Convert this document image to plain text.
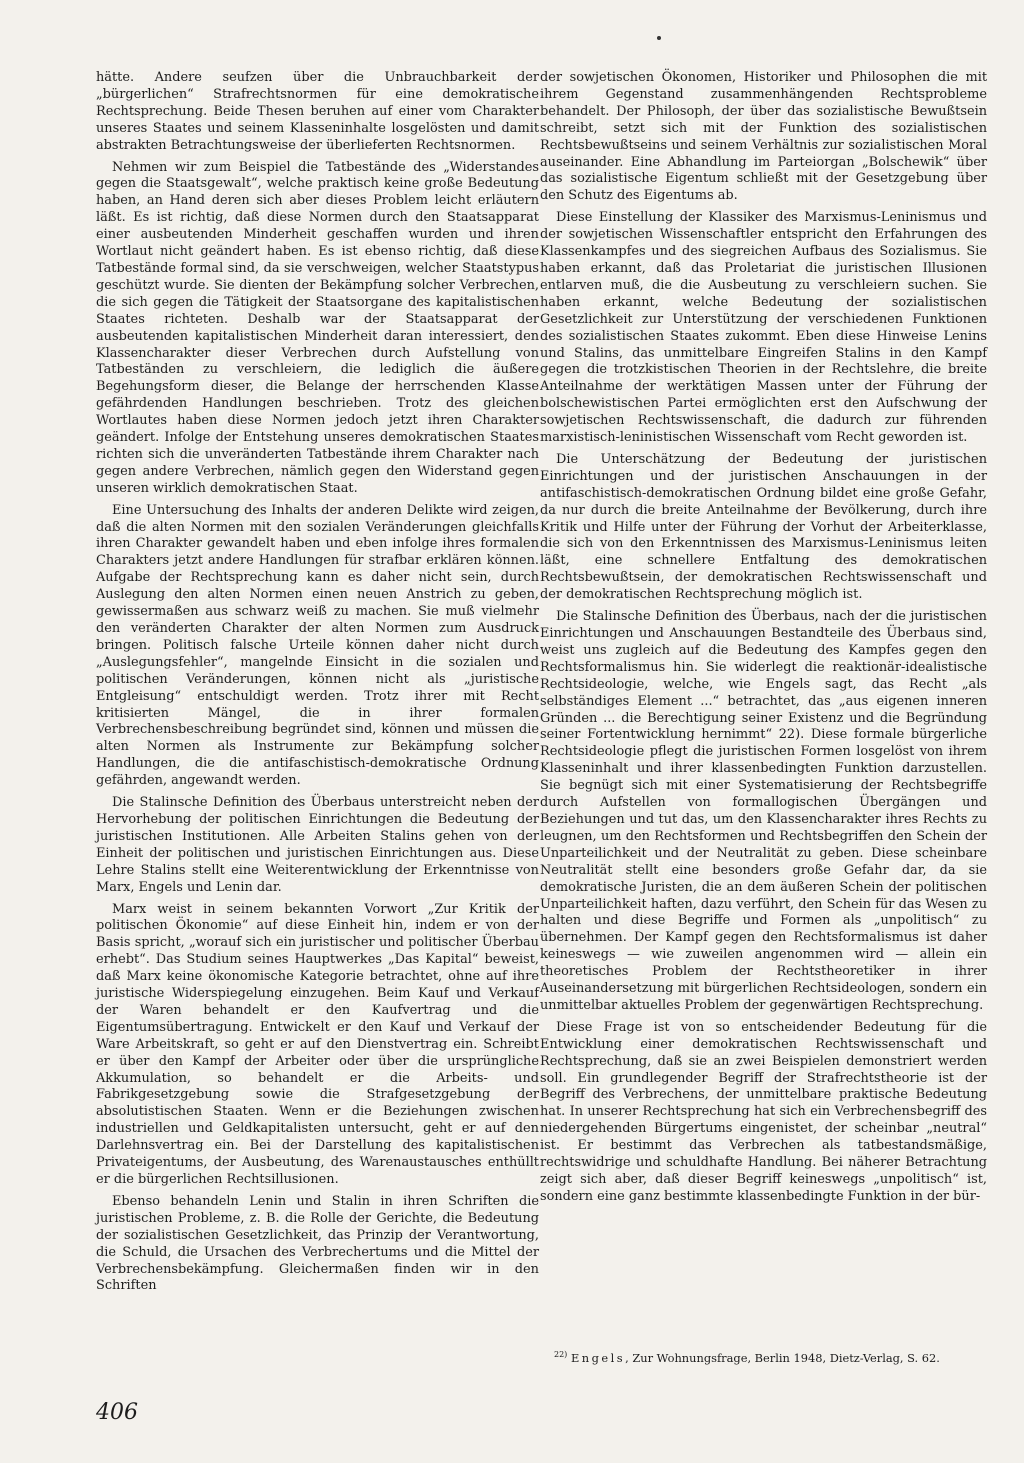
hätte. Andere seufzen über die Unbrauchbarkeit der „bürgerlichen“ Strafrechtsnormen für eine demokratische Rechtsprechung. Beide Thesen beruhen auf einer vom Charakter unseres Staates und seinem Klasseninhalte losgelösten und damit abstrakten Betrachtungsweise der überlieferten Rechtsnormen.

Nehmen wir zum Beispiel die Tatbestände des „Widerstandes gegen die Staatsgewalt“, welche praktisch keine große Bedeutung haben, an Hand deren sich aber dieses Problem leicht erläutern läßt. Es ist richtig, daß diese Normen durch den Staatsapparat einer ausbeutenden Minderheit geschaffen wurden und ihren Wortlaut nicht geändert haben. Es ist ebenso richtig, daß diese Tatbestände formal sind, da sie verschweigen, welcher Staatstypus geschützt wurde. Sie dienten der Bekämpfung solcher Verbrechen, die sich gegen die Tätigkeit der Staatsorgane des kapitalistischen Staates richteten. Deshalb war der Staatsapparat der ausbeutenden kapitalistischen Minderheit daran interessiert, den Klassencharakter dieser Verbrechen durch Aufstellung von Tatbeständen zu verschleiern, die lediglich die äußere Begehungsform dieser, die Belange der herrschenden Klasse gefährdenden Handlungen beschrieben. Trotz des gleichen Wortlautes haben diese Normen jedoch jetzt ihren Charakter geändert. Infolge der Entstehung unseres demokratischen Staates richten sich die unveränderten Tatbestände ihrem Charakter nach gegen andere Verbrechen, nämlich gegen den Widerstand gegen unseren wirklich demokratischen Staat.

Eine Untersuchung des Inhalts der anderen Delikte wird zeigen, daß die alten Normen mit den sozialen Veränderungen gleichfalls ihren Charakter gewandelt haben und eben infolge ihres formalen Charakters jetzt andere Handlungen für strafbar erklären können. Aufgabe der Rechtsprechung kann es daher nicht sein, durch Auslegung den alten Normen einen neuen Anstrich zu geben, gewissermaßen aus schwarz weiß zu machen. Sie muß vielmehr den veränderten Charakter der alten Normen zum Ausdruck bringen. Politisch falsche Urteile können daher nicht durch „Auslegungsfehler“, mangelnde Einsicht in die sozialen und politischen Veränderungen, können nicht als „juristische Entgleisung“ entschuldigt werden. Trotz ihrer mit Recht kritisierten Mängel, die in ihrer formalen Verbrechensbeschreibung begründet sind, können und müssen die alten Normen als Instrumente zur Bekämpfung solcher Handlungen, die die antifaschistisch-demokratische Ordnung gefährden, angewandt werden.

Die Stalinsche Definition des Überbaus unterstreicht neben der Hervorhebung der politischen Einrichtungen die Bedeutung der juristischen Institutionen. Alle Arbeiten Stalins gehen von der Einheit der politischen und juristischen Einrichtungen aus. Diese Lehre Stalins stellt eine Weiterentwicklung der Erkenntnisse von Marx, Engels und Lenin dar.

Marx weist in seinem bekannten Vorwort „Zur Kritik der politischen Ökonomie“ auf diese Einheit hin, indem er von der Basis spricht, „worauf sich ein juristischer und politischer Überbau erhebt“. Das Studium seines Hauptwerkes „Das Kapital“ beweist, daß Marx keine ökonomische Kategorie betrachtet, ohne auf ihre juristische Widerspiegelung einzugehen. Beim Kauf und Verkauf der Waren behandelt er den Kaufvertrag und die Eigentumsübertragung. Entwickelt er den Kauf und Verkauf der Ware Arbeitskraft, so geht er auf den Dienstvertrag ein. Schreibt er über den Kampf der Arbeiter oder über die ursprüngliche Akkumulation, so behandelt er die Arbeits- und Fabrikgesetzgebung sowie die Strafgesetzgebung der absolutistischen Staaten. Wenn er die Beziehungen zwischen industriellen und Geldkapitalisten untersucht, geht er auf den Darlehnsvertrag ein. Bei der Darstellung des kapitalistischen Privateigentums, der Ausbeutung, des Warenaustausches enthüllt er die bürgerlichen Rechtsillusionen.

Ebenso behandeln Lenin und Stalin in ihren Schriften die juristischen Probleme, z. B. die Rolle der Gerichte, die Bedeutung der sozialistischen Gesetzlichkeit, das Prinzip der Verantwortung, die Schuld, die Ursachen des Verbrechertums und die Mittel der Verbrechensbekämpfung. Gleichermaßen finden wir in den Schriften

der sowjetischen Ökonomen, Historiker und Philosophen die mit ihrem Gegenstand zusammenhängenden Rechtsprobleme behandelt. Der Philosoph, der über das sozialistische Bewußtsein schreibt, setzt sich mit der Funktion des sozialistischen Rechtsbewußtseins und seinem Verhältnis zur sozialistischen Moral auseinander. Eine Abhandlung im Parteiorgan „Bolschewik“ über das sozialistische Eigentum schließt mit der Gesetzgebung über den Schutz des Eigentums ab.

Diese Einstellung der Klassiker des Marxismus-Leninismus und der sowjetischen Wissenschaftler entspricht den Erfahrungen des Klassenkampfes und des siegreichen Aufbaus des Sozialismus. Sie haben erkannt, daß das Proletariat die juristischen Illusionen entlarven muß, die die Ausbeutung zu verschleiern suchen. Sie haben erkannt, welche Bedeutung der sozialistischen Gesetzlichkeit zur Unterstützung der verschiedenen Funktionen des sozialistischen Staates zukommt. Eben diese Hinweise Lenins und Stalins, das unmittelbare Eingreifen Stalins in den Kampf gegen die trotzkistischen Theorien in der Rechtslehre, die breite Anteilnahme der werktätigen Massen unter der Führung der bolschewistischen Partei ermöglichten erst den Aufschwung der sowjetischen Rechtswissenschaft, die dadurch zur führenden marxistisch-leninistischen Wissenschaft vom Recht geworden ist.

Die Unterschätzung der Bedeutung der juristischen Einrichtungen und der juristischen Anschauungen in der antifaschistisch-demokratischen Ordnung bildet eine große Gefahr, da nur durch die breite Anteilnahme der Bevölkerung, durch ihre Kritik und Hilfe unter der Führung der Vorhut der Arbeiterklasse, die sich von den Erkenntnissen des Marxismus-Leninismus leiten läßt, eine schnellere Entfaltung des demokratischen Rechtsbewußtsein, der demokratischen Rechtswissenschaft und der demokratischen Rechtsprechung möglich ist.

Die Stalinsche Definition des Überbaus, nach der die juristischen Einrichtungen und Anschauungen Bestandteile des Überbaus sind, weist uns zugleich auf die Bedeutung des Kampfes gegen den Rechtsformalismus hin. Sie widerlegt die reaktionär-idealistische Rechtsideologie, welche, wie Engels sagt, das Recht „als selbständiges Element ...“ betrachtet, das „aus eigenen inneren Gründen ... die Berechtigung seiner Existenz und die Begründung seiner Fortentwicklung hernimmt“ 22). Diese formale bürgerliche Rechtsideologie pflegt die juristischen Formen losgelöst von ihrem Klasseninhalt und ihrer klassenbedingten Funktion darzustellen. Sie begnügt sich mit einer Systematisierung der Rechtsbegriffe durch Aufstellen von formallogischen Übergängen und Beziehungen und tut das, um den Klassencharakter ihres Rechts zu leugnen, um den Rechtsformen und Rechtsbegriffen den Schein der Unparteilichkeit und der Neutralität zu geben. Diese scheinbare Neutralität stellt eine besonders große Gefahr dar, da sie demokratische Juristen, die an dem äußeren Schein der politischen Unparteilichkeit haften, dazu verführt, den Schein für das Wesen zu halten und diese Begriffe und Formen als „unpolitisch“ zu übernehmen. Der Kampf gegen den Rechtsformalismus ist daher keineswegs — wie zuweilen angenommen wird — allein ein theoretisches Problem der Rechtstheoretiker in ihrer Auseinandersetzung mit bürgerlichen Rechtsideologen, sondern ein unmittelbar aktuelles Problem der gegenwärtigen Rechtsprechung.

Diese Frage ist von so entscheidender Bedeutung für die Entwicklung einer demokratischen Rechtswissenschaft und Rechtsprechung, daß sie an zwei Beispielen demonstriert werden soll. Ein grundlegender Begriff der Strafrechtstheorie ist der Begriff des Verbrechens, der unmittelbare praktische Bedeutung hat. In unserer Rechtsprechung hat sich ein Verbrechensbegriff des niedergehenden Bürgertums eingenistet, der scheinbar „neutral“ ist. Er bestimmt das Verbrechen als tatbestandsmäßige, rechtswidrige und schuldhafte Handlung. Bei näherer Betrachtung zeigt sich aber, daß dieser Begriff keineswegs „unpolitisch“ ist, sondern eine ganz bestimmte klassenbedingte Funktion in der bür-

$^{22)}$ Engels, Zur Wohnungsfrage, Berlin 1948, Dietz-Verlag, S. 62.
406
